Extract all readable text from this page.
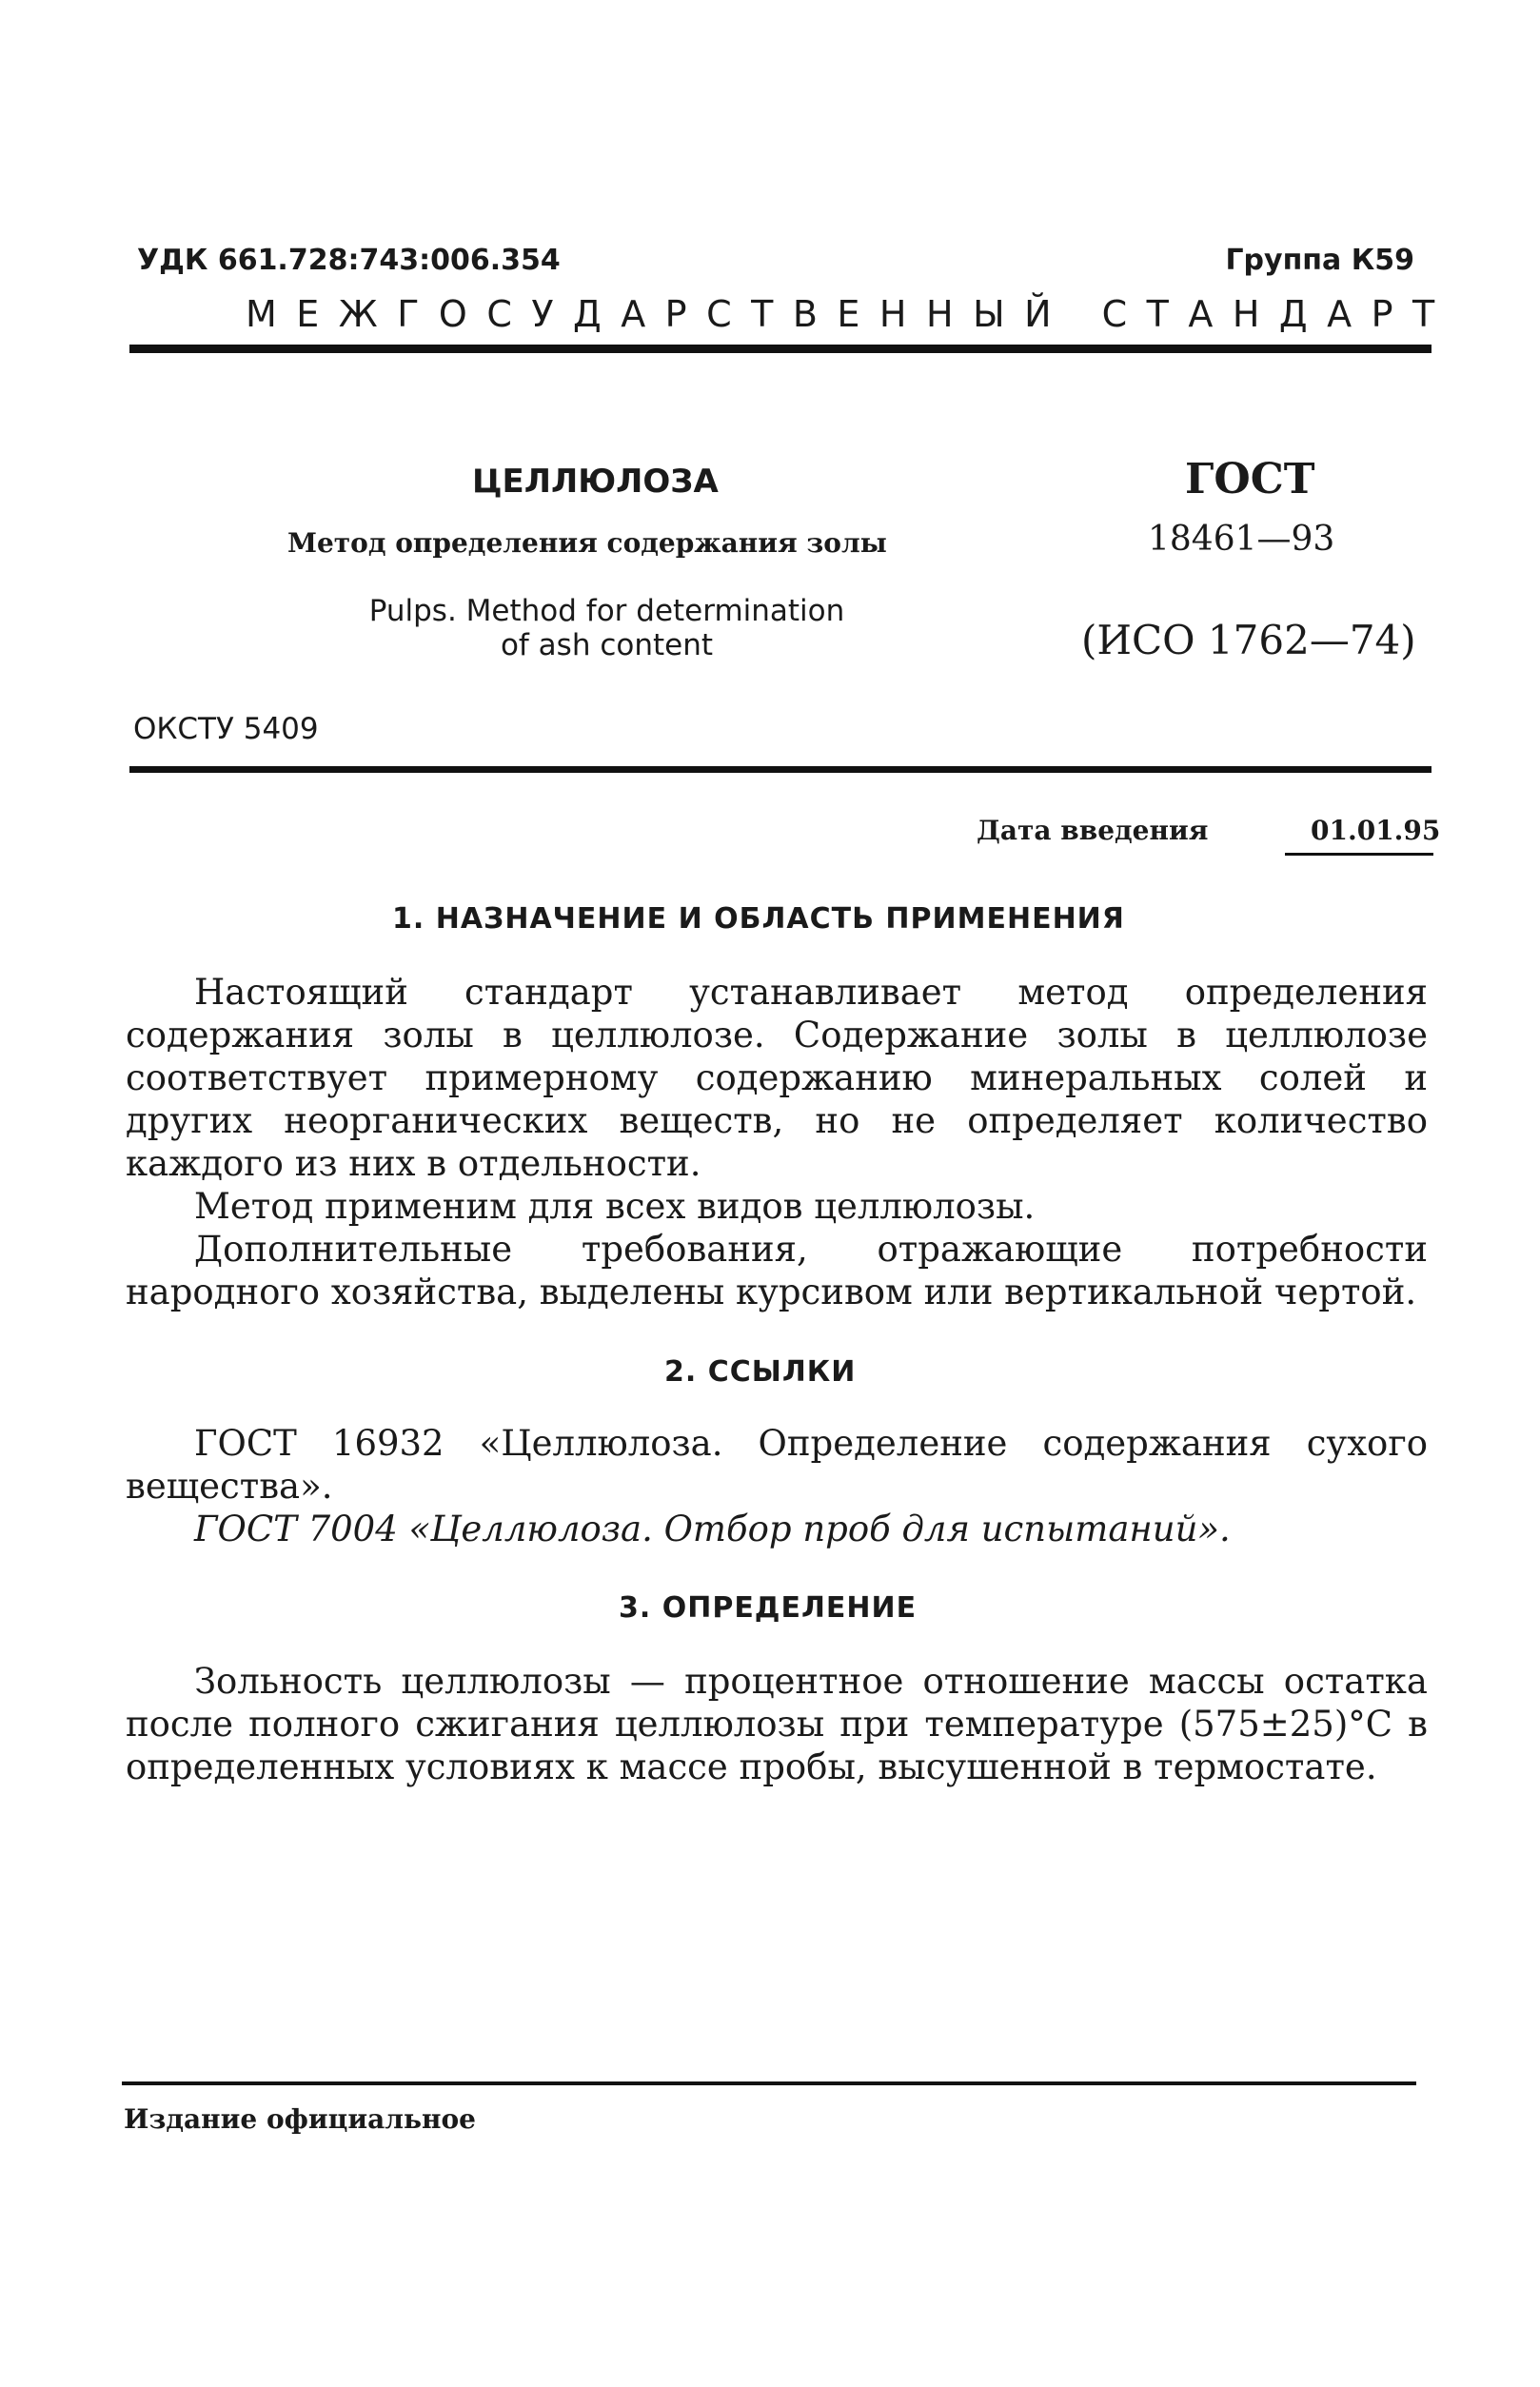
УДК 661.728:743:006.354	Группа К59
МЕЖГОСУДАРСТВЕННЫЙ СТАНДАРТ
ЦЕЛЛЮЛОЗА
Метод определения содержания золы
Pulps. Method for determination
of ash content
ГОСТ
18461—93
(ИСО 1762—74)
ОКСТУ 5409
Дата введения	01.01.95
1. НАЗНАЧЕНИЕ И ОБЛАСТЬ ПРИМЕНЕНИЯ

Настоящий стандарт устанавливает метод определения содержания золы в целлюлозе. Содержание золы в целлюлозе соответствует примерному содержанию минеральных солей и других неорганических веществ, но не определяет количество каждого из них в отдельности.

Метод применим для всех видов целлюлозы.

Дополнительные требования, отражающие потребности народного хозяйства, выделены курсивом или вертикальной чертой.

2. ССЫЛКИ

ГОСТ 16932 «Целлюлоза. Определение содержания сухого вещества».

ГОСТ 7004 «Целлюлоза. Отбор проб для испытаний».

3. ОПРЕДЕЛЕНИЕ

Зольность целлюлозы — процентное отношение массы остатка после полного сжигания целлюлозы при температуре (575±25)°С в определенных условиях к массе пробы, высушенной в термостате.

Издание официальное
